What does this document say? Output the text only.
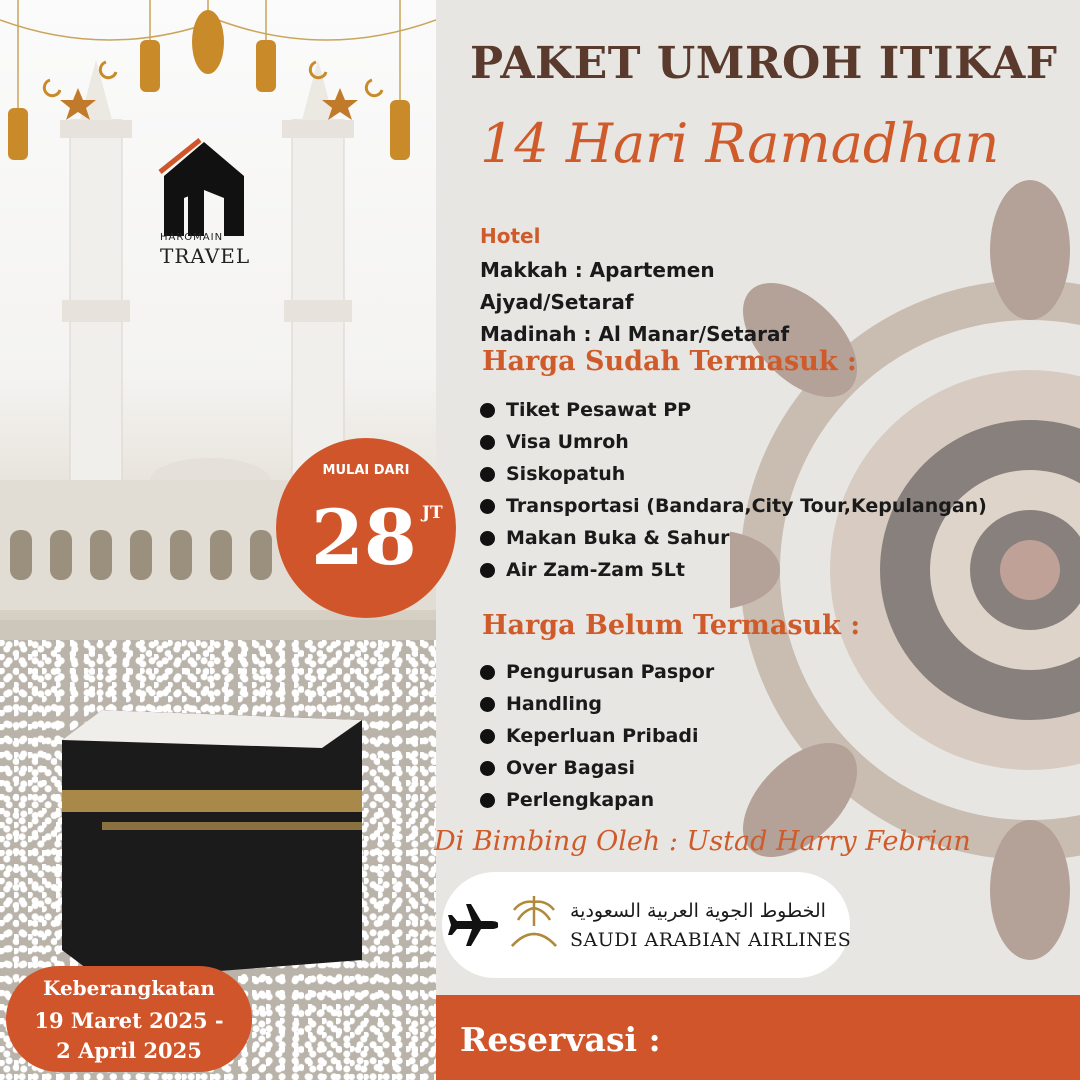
HAROMAIN
TRAVEL
PAKET UMROH ITIKAF
14 Hari Ramadhan
Hotel
Makkah : Apartemen
Ajyad/Setaraf
Madinah : Al Manar/Setaraf
Harga Sudah Termasuk :
Tiket Pesawat PP
Visa Umroh
Siskopatuh
Transportasi (Bandara,City Tour,Kepulangan)
Makan Buka & Sahur
Air Zam-Zam 5Lt
Harga Belum Termasuk :
Pengurusan Paspor
Handling
Keperluan Pribadi
Over Bagasi
Perlengkapan
Di Bimbing Oleh : Ustad Harry Febrian
الخطوط الجوية العربية السعودية
SAUDI ARABIAN AIRLINES
Reservasi :
MULAI DARI
28 JT
Keberangkatan
19 Maret 2025 -
2 April 2025
